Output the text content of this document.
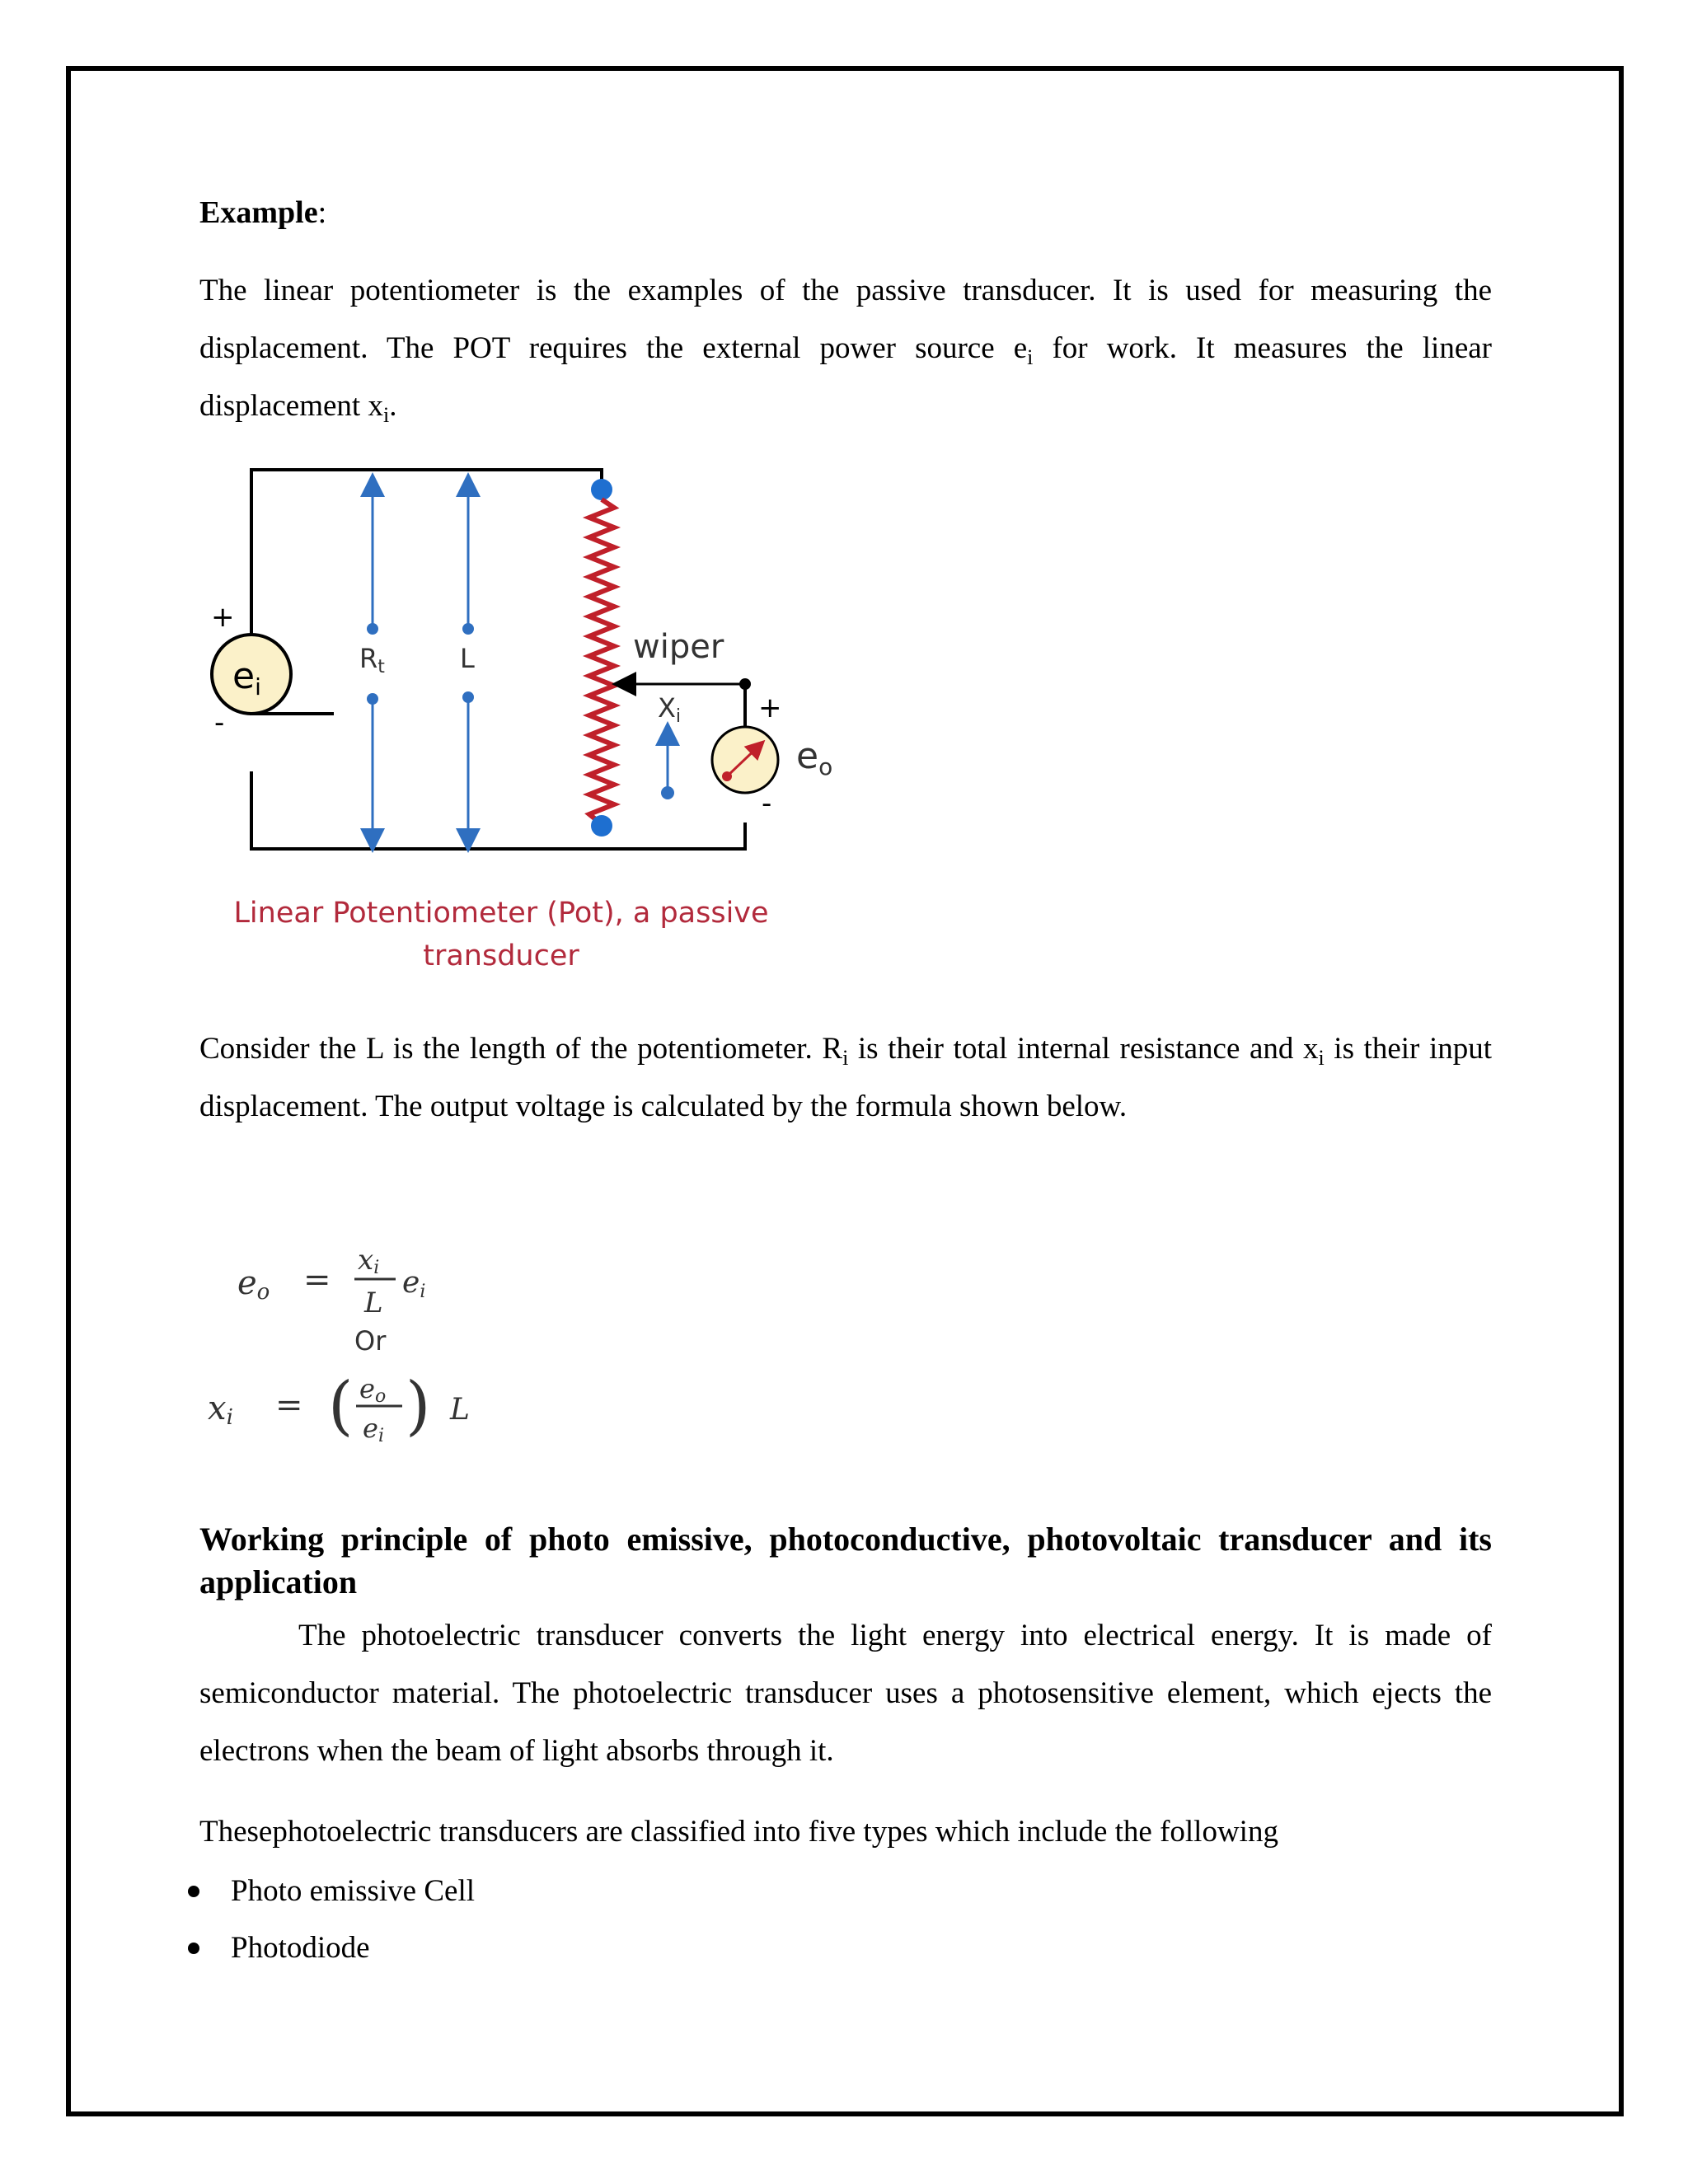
Example:

The linear potentiometer is the examples of the passive transducer. It is used for measuring the displacement. The POT requires the external power source $e_i$ for work. It measures the linear displacement $x_i$.

ei
+
-
Rt	L	wiper
Xi	+
-
eo
Linear Potentiometer (Pot), a passive
transducer

Consider the L is the length of the potentiometer. $R_i$ is their total internal resistance and $x_i$ is their input displacement. The output voltage is calculated by the formula shown below.

eo =
xi
L
ei
Or
xi = ( eo
ei ) L
Working principle of photo emissive, photoconductive, photovoltaic transducer and its application

The photoelectric transducer converts the light energy into electrical energy. It is made of semiconductor material. The photoelectric transducer uses a photosensitive element, which ejects the electrons when the beam of light absorbs through it.

Thesephotoelectric transducers are classified into five types which include the following

Photo emissive Cell
Photodiode
